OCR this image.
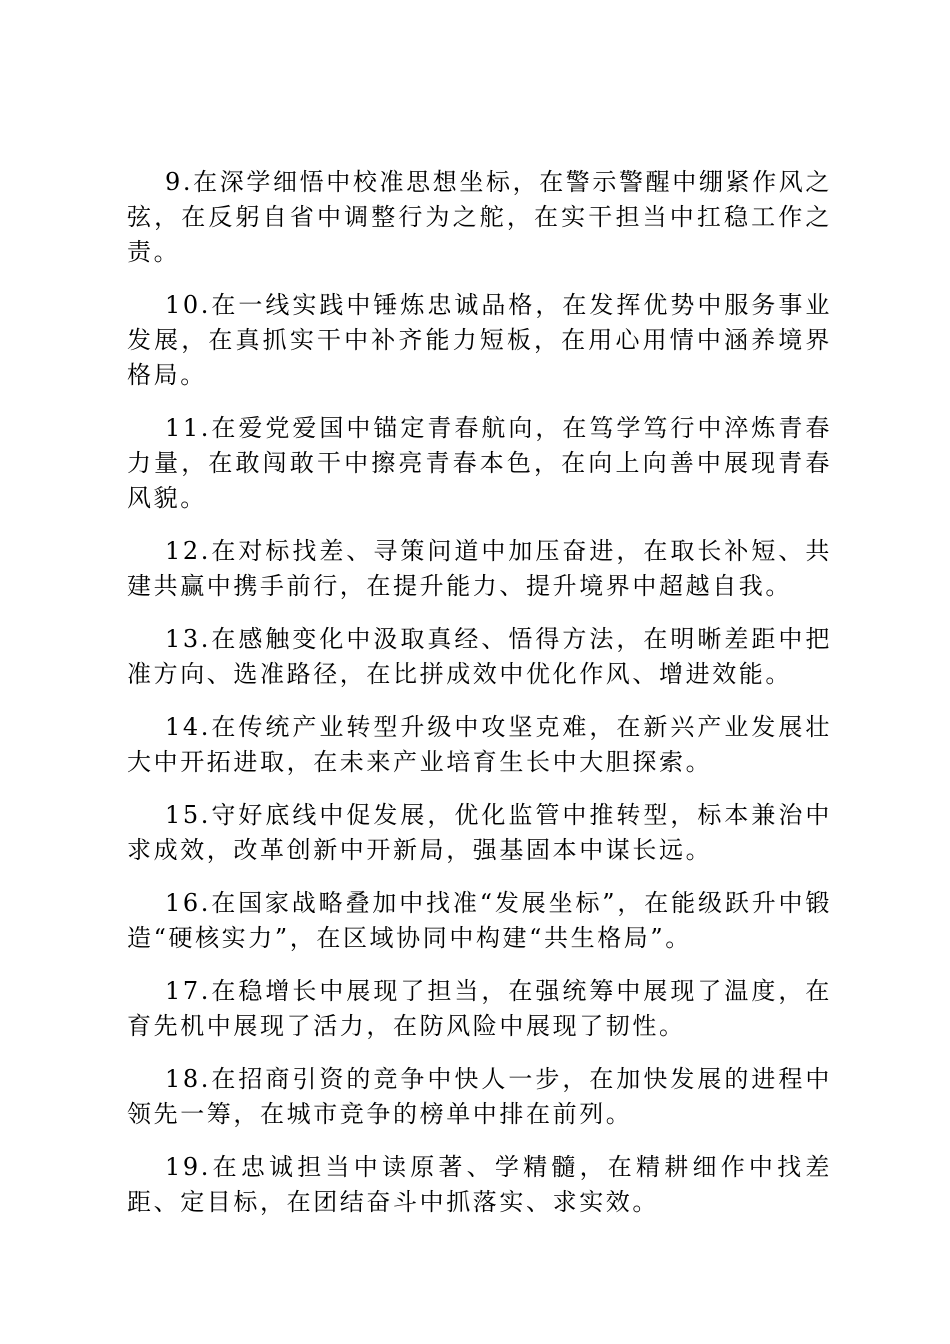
9.在深学细悟中校准思想坐标，在警示警醒中绷紧作风之弦，在反躬自省中调整行为之舵，在实干担当中扛稳工作之责。

10.在一线实践中锤炼忠诚品格，在发挥优势中服务事业发展，在真抓实干中补齐能力短板，在用心用情中涵养境界格局。

11.在爱党爱国中锚定青春航向，在笃学笃行中淬炼青春力量，在敢闯敢干中擦亮青春本色，在向上向善中展现青春风貌。

12.在对标找差、寻策问道中加压奋进，在取长补短、共建共赢中携手前行，在提升能力、提升境界中超越自我。

13.在感触变化中汲取真经、悟得方法，在明晰差距中把准方向、选准路径，在比拼成效中优化作风、增进效能。

14.在传统产业转型升级中攻坚克难，在新兴产业发展壮大中开拓进取，在未来产业培育生长中大胆探索。

15.守好底线中促发展，优化监管中推转型，标本兼治中求成效，改革创新中开新局，强基固本中谋长远。

16.在国家战略叠加中找准“发展坐标”，在能级跃升中锻造“硬核实力”，在区域协同中构建“共生格局”。

17.在稳增长中展现了担当，在强统筹中展现了温度，在育先机中展现了活力，在防风险中展现了韧性。

18.在招商引资的竞争中快人一步，在加快发展的进程中领先一筹，在城市竞争的榜单中排在前列。

19.在忠诚担当中读原著、学精髓，在精耕细作中找差距、定目标，在团结奋斗中抓落实、求实效。
